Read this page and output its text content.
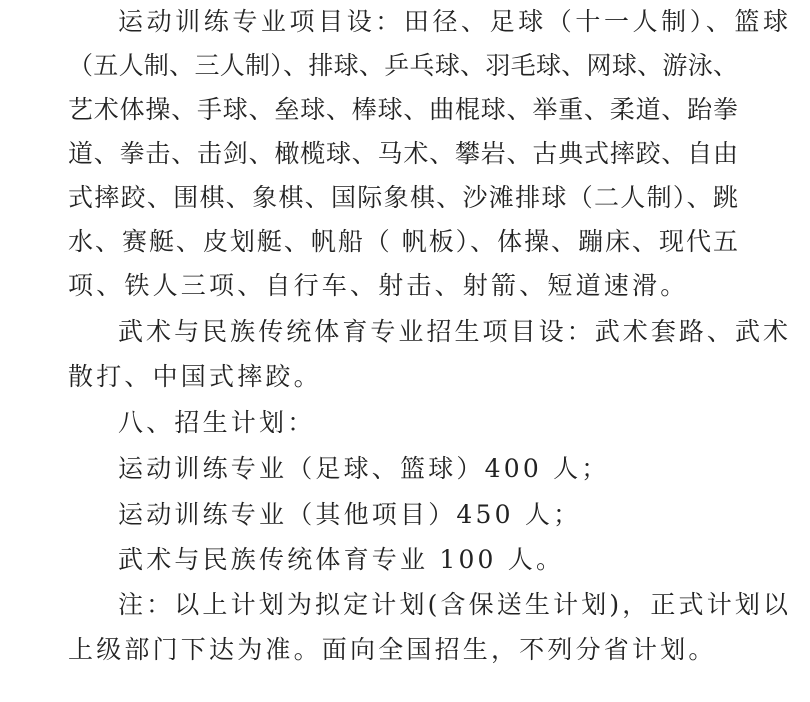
运动训练专业项目设：田径、足球（十一人制）、篮球
（五人制、三人制）、排球、乒乓球、羽毛球、网球、游泳、
艺术体操、手球、垒球、棒球、曲棍球、举重、柔道、跆拳
道、拳击、击剑、橄榄球、马术、攀岩、古典式摔跤、自由
式摔跤、围棋、象棋、国际象棋、沙滩排球（二人制）、跳
水、赛艇、皮划艇、帆船（ 帆板）、体操、蹦床、现代五
项、铁人三项、自行车、射击、射箭、短道速滑。
武术与民族传统体育专业招生项目设：武术套路、武术
散打、中国式摔跤。
八、招生计划：
运动训练专业（足球、篮球）400 人；
运动训练专业（其他项目）450 人；
武术与民族传统体育专业 100 人。
注：以上计划为拟定计划(含保送生计划)，正式计划以
上级部门下达为准。面向全国招生，不列分省计划。
